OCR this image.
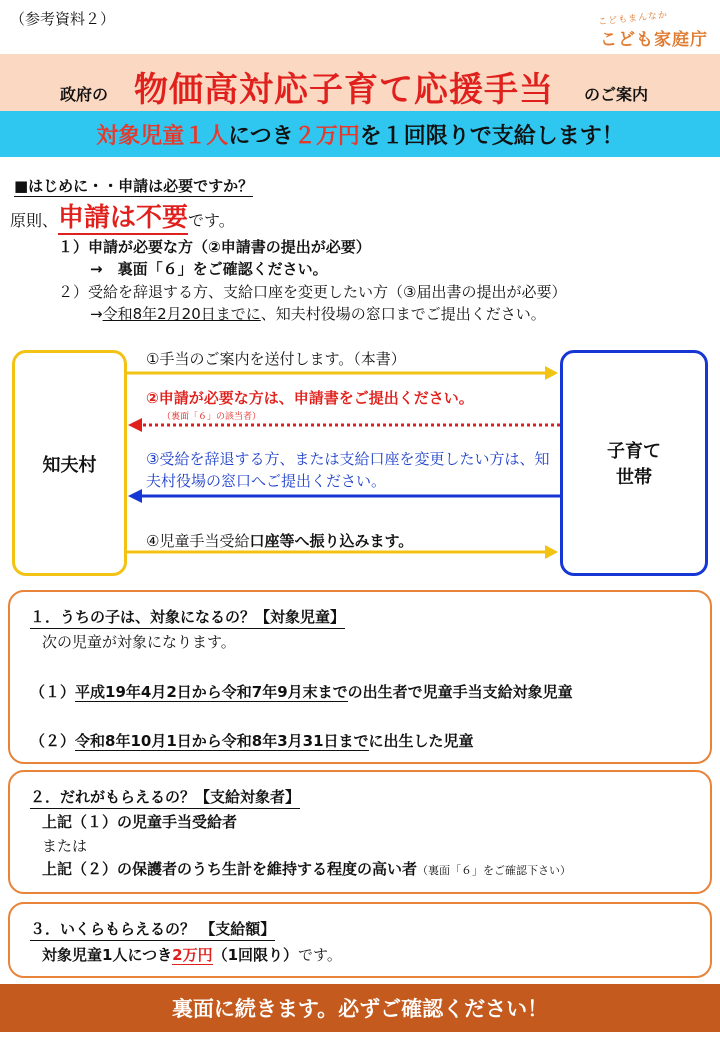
（参考資料２）	こどもまんなか
こども家庭庁
政府の 物価高対応子育て応援手当 のご案内
対象児童１人につき２万円を１回限りで支給します！
■はじめに・・申請は必要ですか？
原則、申請は不要です。
１）申請が必要な方（②申請書の提出が必要）
→　裏面「６」をご確認ください。
２）受給を辞退する方、支給口座を変更したい方（③届出書の提出が必要）
→令和8年2月20日までに、知夫村役場の窓口までご提出ください。
知夫村
子育て
世帯
①手当のご案内を送付します。（本書）
②申請が必要な方は、申請書をご提出ください。
（裏面「６」の該当者）
③受給を辞退する方、または支給口座を変更したい方は、知夫村役場の窓口へご提出ください。
④児童手当受給口座等へ振り込みます。
１．うちの子は、対象になるの？【対象児童】
次の児童が対象になります。
（１）平成19年4月2日から令和7年9月末までの出生者で児童手当支給対象児童
（２）令和8年10月1日から令和8年3月31日までに出生した児童
２．だれがもらえるの？【支給対象者】
上記（１）の児童手当受給者
または
上記（２）の保護者のうち生計を維持する程度の高い者（裏面「６」をご確認下さい）
３．いくらもらえるの？ 【支給額】
対象児童1人につき2万円（1回限り）です。
裏面に続きます。必ずご確認ください！
